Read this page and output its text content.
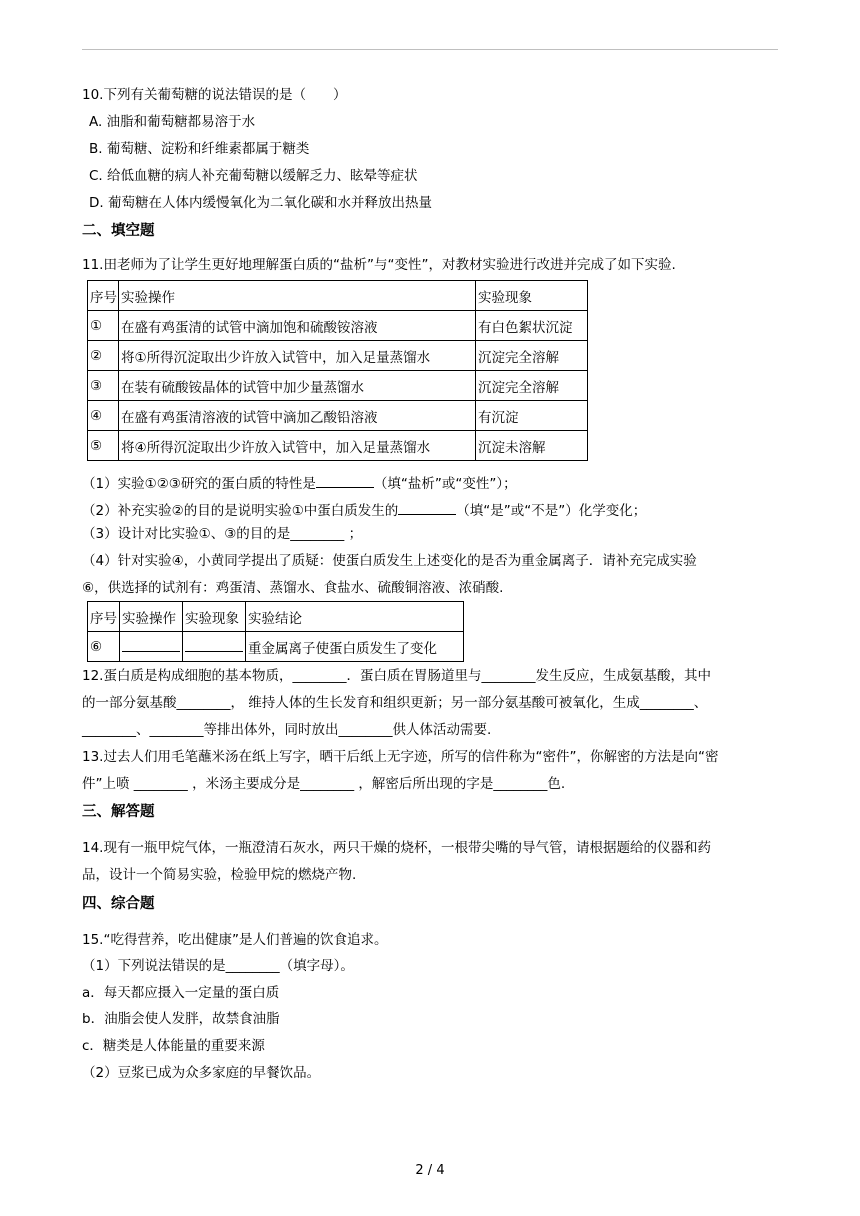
10.下列有关葡萄糖的说法错误的是（　　）
A. 油脂和葡萄糖都易溶于水
B. 葡萄糖、淀粉和纤维素都属于糖类
C. 给低血糖的病人补充葡萄糖以缓解乏力、眩晕等症状
D. 葡萄糖在人体内缓慢氧化为二氧化碳和水并释放出热量
二、填空题
11.田老师为了让学生更好地理解蛋白质的“盐析”与“变性”，对教材实验进行改进并完成了如下实验.
序号	实验操作	实验现象
①	在盛有鸡蛋清的试管中滴加饱和硫酸铵溶液	有白色絮状沉淀
②	将①所得沉淀取出少许放入试管中，加入足量蒸馏水	沉淀完全溶解
③	在装有硫酸铵晶体的试管中加少量蒸馏水	沉淀完全溶解
④	在盛有鸡蛋清溶液的试管中滴加乙酸铅溶液	有沉淀
⑤	将④所得沉淀取出少许放入试管中，加入足量蒸馏水	沉淀未溶解
（1）实验①②③研究的蛋白质的特性是	（填“盐析”或“变性”）；
（2）补充实验②的目的是说明实验①中蛋白质发生的	（填“是”或“不是”）化学变化；
（3）设计对比实验①、③的目的是________ ；
（4）针对实验④，小黄同学提出了质疑：使蛋白质发生上述变化的是否为重金属离子．请补充完成实验
⑥，供选择的试剂有：鸡蛋清、蒸馏水、食盐水、硫酸铜溶液、浓硝酸.
序号	实验操作	实验现象	实验结论
⑥			重金属离子使蛋白质发生了变化
12.蛋白质是构成细胞的基本物质，________．蛋白质在胃肠道里与________发生反应，生成氨基酸，其中
的一部分氨基酸________， 维持人体的生长发育和组织更新；另一部分氨基酸可被氧化，生成________、
________、________等排出体外，同时放出________供人体活动需要.
13.过去人们用毛笔蘸米汤在纸上写字，晒干后纸上无字迹，所写的信件称为“密件”，你解密的方法是向“密
件”上喷 ________ ，米汤主要成分是________ ，解密后所出现的字是________色.
三、解答题
14.现有一瓶甲烷气体，一瓶澄清石灰水，两只干燥的烧杯，一根带尖嘴的导气管，请根据题给的仪器和药
品，设计一个简易实验，检验甲烷的燃烧产物.
四、综合题
15.“吃得营养，吃出健康”是人们普遍的饮食追求。
（1）下列说法错误的是________（填字母）。
a．每天都应摄入一定量的蛋白质
b．油脂会使人发胖，故禁食油脂
c．糖类是人体能量的重要来源
（2）豆浆已成为众多家庭的早餐饮品。
2 / 4
